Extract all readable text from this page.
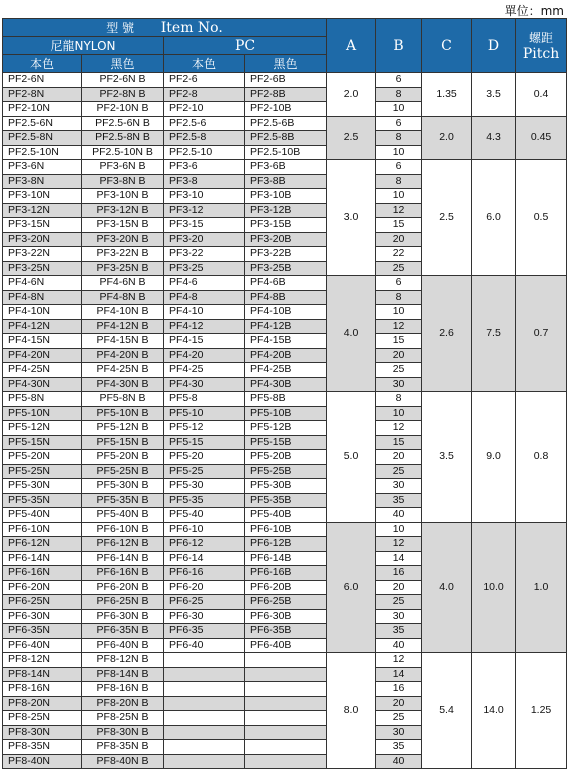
單位：mm
型 號 Item No.				A	B	C	D	螺距
Pitch

尼龍NYLON		PC						
本色	黑色	本色	黑色					
PF2-6N	PF2-6N B	PF2-6	PF2-6B	2.0	6	1.35	3.5	0.4
PF2-8N	PF2-8N B	PF2-8	PF2-8B		8			
PF2-10N	PF2-10N B	PF2-10	PF2-10B		10			
PF2.5-6N	PF2.5-6N B	PF2.5-6	PF2.5-6B	2.5	6	2.0	4.3	0.45
PF2.5-8N	PF2.5-8N B	PF2.5-8	PF2.5-8B		8			
PF2.5-10N	PF2.5-10N B	PF2.5-10	PF2.5-10B		10			
PF3-6N	PF3-6N B	PF3-6	PF3-6B	3.0	6	2.5	6.0	0.5
PF3-8N	PF3-8N B	PF3-8	PF3-8B		8			
PF3-10N	PF3-10N B	PF3-10	PF3-10B		10			
PF3-12N	PF3-12N B	PF3-12	PF3-12B		12			
PF3-15N	PF3-15N B	PF3-15	PF3-15B		15			
PF3-20N	PF3-20N B	PF3-20	PF3-20B		20			
PF3-22N	PF3-22N B	PF3-22	PF3-22B		22			
PF3-25N	PF3-25N B	PF3-25	PF3-25B		25			
PF4-6N	PF4-6N B	PF4-6	PF4-6B	4.0	6	2.6	7.5	0.7
PF4-8N	PF4-8N B	PF4-8	PF4-8B		8			
PF4-10N	PF4-10N B	PF4-10	PF4-10B		10			
PF4-12N	PF4-12N B	PF4-12	PF4-12B		12			
PF4-15N	PF4-15N B	PF4-15	PF4-15B		15			
PF4-20N	PF4-20N B	PF4-20	PF4-20B		20			
PF4-25N	PF4-25N B	PF4-25	PF4-25B		25			
PF4-30N	PF4-30N B	PF4-30	PF4-30B		30			
PF5-8N	PF5-8N B	PF5-8	PF5-8B	5.0	8	3.5	9.0	0.8
PF5-10N	PF5-10N B	PF5-10	PF5-10B		10			
PF5-12N	PF5-12N B	PF5-12	PF5-12B		12			
PF5-15N	PF5-15N B	PF5-15	PF5-15B		15			
PF5-20N	PF5-20N B	PF5-20	PF5-20B		20			
PF5-25N	PF5-25N B	PF5-25	PF5-25B		25			
PF5-30N	PF5-30N B	PF5-30	PF5-30B		30			
PF5-35N	PF5-35N B	PF5-35	PF5-35B		35			
PF5-40N	PF5-40N B	PF5-40	PF5-40B		40			
PF6-10N	PF6-10N B	PF6-10	PF6-10B	6.0	10	4.0	10.0	1.0
PF6-12N	PF6-12N B	PF6-12	PF6-12B		12			
PF6-14N	PF6-14N B	PF6-14	PF6-14B		14			
PF6-16N	PF6-16N B	PF6-16	PF6-16B		16			
PF6-20N	PF6-20N B	PF6-20	PF6-20B		20			
PF6-25N	PF6-25N B	PF6-25	PF6-25B		25			
PF6-30N	PF6-30N B	PF6-30	PF6-30B		30			
PF6-35N	PF6-35N B	PF6-35	PF6-35B		35			
PF6-40N	PF6-40N B	PF6-40	PF6-40B		40			
PF8-12N	PF8-12N B			8.0	12	5.4	14.0	1.25
PF8-14N	PF8-14N B				14			
PF8-16N	PF8-16N B				16			
PF8-20N	PF8-20N B				20			
PF8-25N	PF8-25N B				25			
PF8-30N	PF8-30N B				30			
PF8-35N	PF8-35N B				35			
PF8-40N	PF8-40N B				40			
